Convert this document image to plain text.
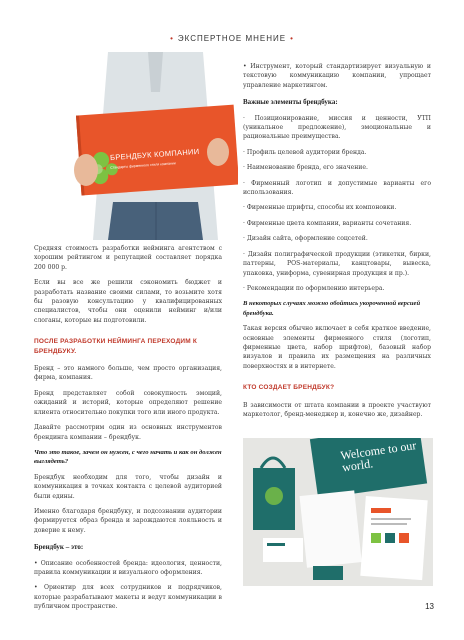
• ЭКСПЕРТНОЕ МНЕНИЕ •
БРЕНДБУК КОМПАНИИ
Стандарты фирменного стиля компании

Средняя стоимость разработки нейминга агентством с хорошим рейтингом и репутацией составляет порядка 200 000 р.

Если вы все же решили сэкономить бюджет и разработать название своими силами, то возьмите хотя бы разовую консультацию у квалифицированных специалистов, чтобы они оценили нейминг и/или слоганы, которые вы подготовили.

ПОСЛЕ РАЗРАБОТКИ НЕЙМИНГА ПЕРЕХОДИМ К БРЕНДБУКУ.

Бренд – это намного больше, чем просто организация, фирма, компания.

Бренд представляет собой совокупность эмоций, ожиданий и историй, которые определяют решение клиента относительно покупки того или иного продукта.

Давайте рассмотрим один из основных инструментов брендинга компании – брендбук.

Что это такое, зачем он нужен, с чего начать и как он должен выглядеть?

Брендбук необходим для того, чтобы дизайн и коммуникация в точках контакта с целевой аудиторией были едины.

Именно благодаря брендбуку, и подсознании аудитории формируется образ бренда и зарождаются лояльность и доверие к нему.

Брендбук – это:

• Описание особенностей бренда: идеология, ценности, правила коммуникации и визуального оформления.

• Ориентир для всех сотрудников и подрядчиков, которые разрабатывают макеты и ведут коммуникации в публичном пространстве.

• Инструмент, который стандартизирует визуальную и текстовую коммуникацию компании, упрощает управление маркетингом.

Важные элементы брендбука:

· Позиционирование, миссия и ценности, УТП (уникальное предложение), эмоциональные и рациональные преимущества.

· Профиль целевой аудитории бренда.

· Наименование бренда, его значение.

· Фирменный логотип и допустимые варианты его использования.

· Фирменные шрифты, способы их компоновки.

· Фирменные цвета компании, варианты сочетания.

· Дизайн сайта, оформление соцсетей.

· Дизайн полиграфической продукции (этикетки, бирки, паттерны, POS-материалы, канцтовары, вывеска, упаковка, униформа, сувенирная продукция и пр.).

· Рекомендации по оформлению интерьера.

В некоторых случаях можно обойтись укороченной версией брендбука.

Такая версия обычно включает в себя краткое введение, основные элементы фирменного стиля (логотип, фирменные цвета, набор шрифтов), базовый набор визуалов и правила их размещения на различных поверхностях и в интернете.

КТО СОЗДАЕТ БРЕНДБУК?

В зависимости от штата компании в проекте участвуют маркетолог, бренд-менеджер и, конечно же, дизайнер.

Welcome to our world.
13
